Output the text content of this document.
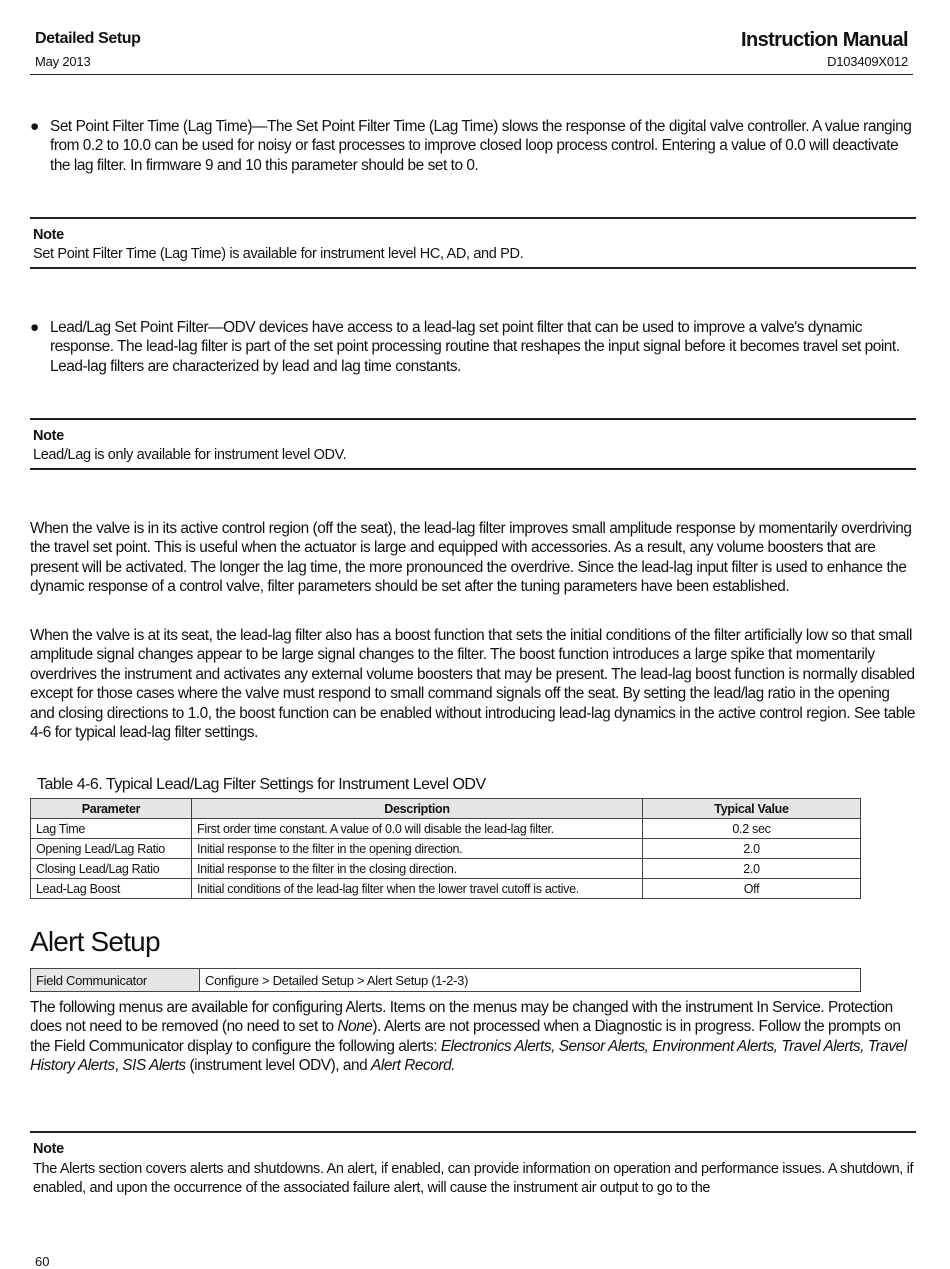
Detailed Setup
May 2013
Instruction Manual
D103409X012
● Set Point Filter Time (Lag Time)—The Set Point Filter Time (Lag Time) slows the response of the digital valve controller. A value ranging from 0.2 to 10.0 can be used for noisy or fast processes to improve closed loop process control. Entering a value of 0.0 will deactivate the lag filter. In firmware 9 and 10 this parameter should be set to 0.
Note
Set Point Filter Time (Lag Time) is available for instrument level HC, AD, and PD.
● Lead/Lag Set Point Filter—ODV devices have access to a lead-lag set point filter that can be used to improve a valve's dynamic response. The lead-lag filter is part of the set point processing routine that reshapes the input signal before it becomes travel set point. Lead-lag filters are characterized by lead and lag time constants.
Note
Lead/Lag is only available for instrument level ODV.
When the valve is in its active control region (off the seat), the lead-lag filter improves small amplitude response by momentarily overdriving the travel set point. This is useful when the actuator is large and equipped with accessories. As a result, any volume boosters that are present will be activated. The longer the lag time, the more pronounced the overdrive. Since the lead-lag input filter is used to enhance the dynamic response of a control valve, filter parameters should be set after the tuning parameters have been established.
When the valve is at its seat, the lead-lag filter also has a boost function that sets the initial conditions of the filter artificially low so that small amplitude signal changes appear to be large signal changes to the filter. The boost function introduces a large spike that momentarily overdrives the instrument and activates any external volume boosters that may be present. The lead-lag boost function is normally disabled except for those cases where the valve must respond to small command signals off the seat. By setting the lead/lag ratio in the opening and closing directions to 1.0, the boost function can be enabled without introducing lead-lag dynamics in the active control region. See table 4-6 for typical lead-lag filter settings.
Table 4-6. Typical Lead/Lag Filter Settings for Instrument Level ODV
Parameter	Description	Typical Value
Lag Time	First order time constant. A value of 0.0 will disable the lead-lag filter.	0.2 sec
Opening Lead/Lag Ratio	Initial response to the filter in the opening direction.	2.0
Closing Lead/Lag Ratio	Initial response to the filter in the closing direction.	2.0
Lead-Lag Boost	Initial conditions of the lead-lag filter when the lower travel cutoff is active.	Off
Alert Setup
Field Communicator	Configure > Detailed Setup > Alert Setup (1-2-3)
The following menus are available for configuring Alerts. Items on the menus may be changed with the instrument In Service. Protection does not need to be removed (no need to set to None). Alerts are not processed when a Diagnostic is in progress. Follow the prompts on the Field Communicator display to configure the following alerts: Electronics Alerts, Sensor Alerts, Environment Alerts, Travel Alerts, Travel History Alerts, SIS Alerts (instrument level ODV), and Alert Record.
Note
The Alerts section covers alerts and shutdowns. An alert, if enabled, can provide information on operation and performance issues. A shutdown, if enabled, and upon the occurrence of the associated failure alert, will cause the instrument air output to go to the
60
